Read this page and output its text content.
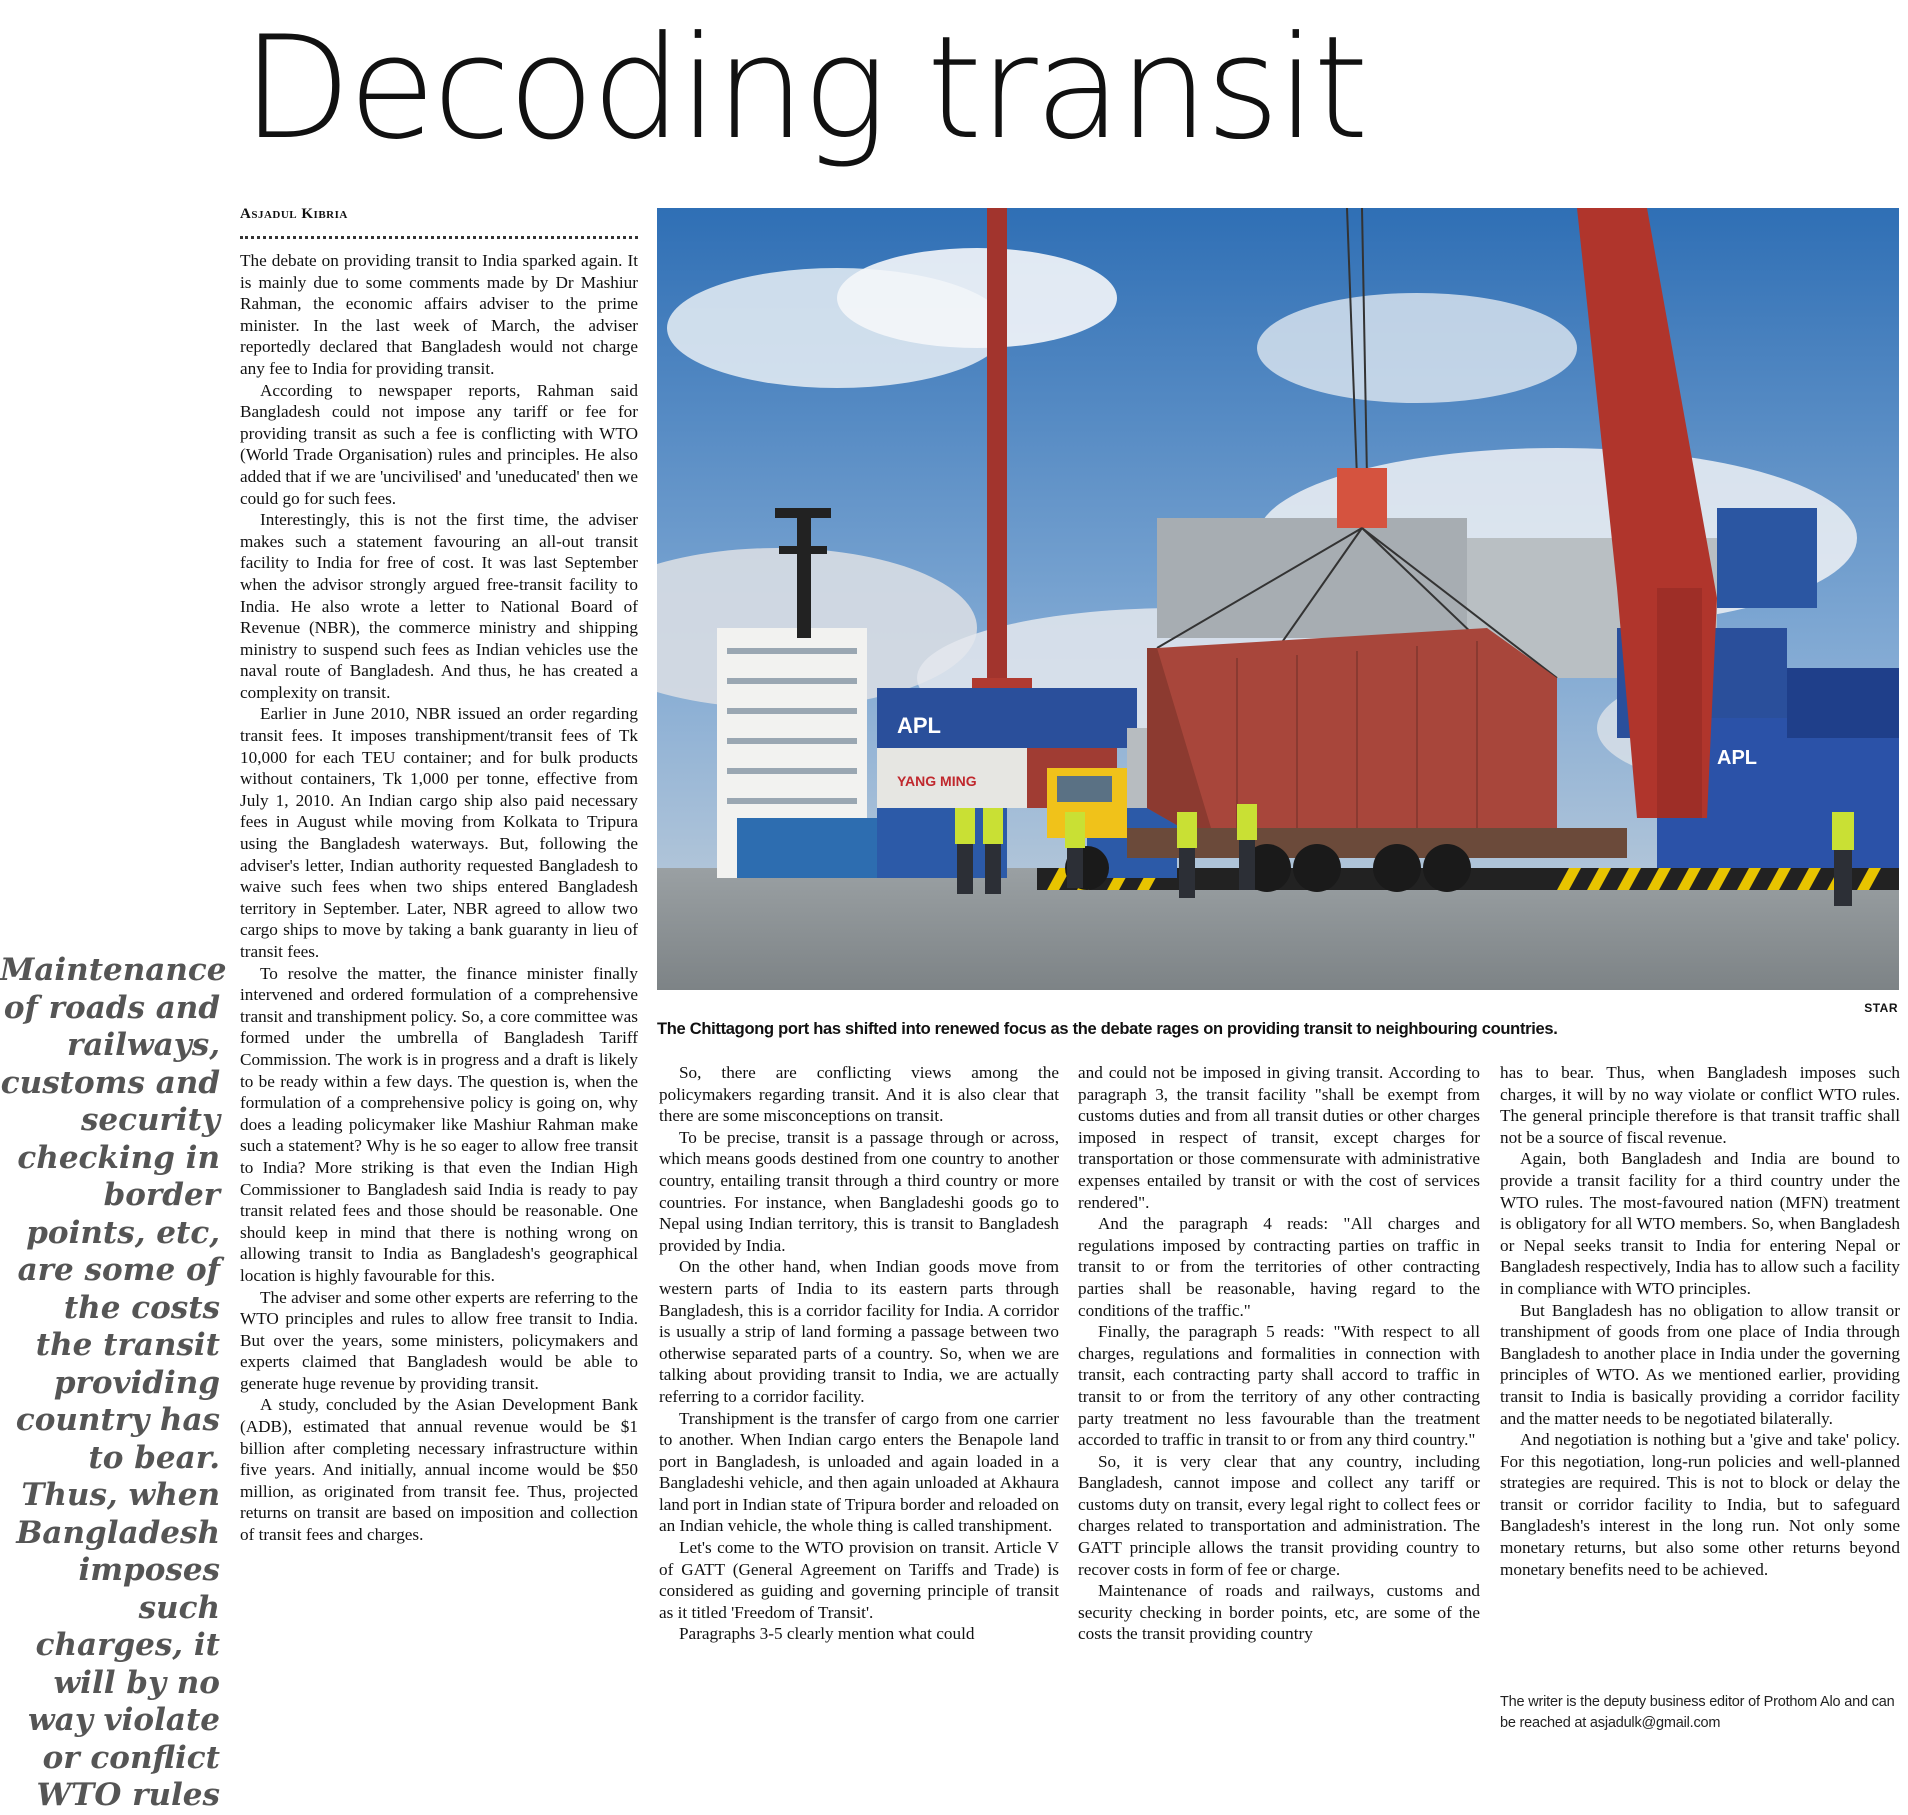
Decoding transit
Asjadul Kibria

The debate on providing transit to India sparked again. It is mainly due to some comments made by Dr Mashiur Rahman, the economic affairs adviser to the prime minister. In the last week of March, the adviser reportedly declared that Bangladesh would not charge any fee to India for providing transit.

According to newspaper reports, Rahman said Bangladesh could not impose any tariff or fee for providing transit as such a fee is conflicting with WTO (World Trade Organisation) rules and principles. He also added that if we are 'uncivilised' and 'uneducated' then we could go for such fees.

Interestingly, this is not the first time, the adviser makes such a statement favouring an all-out transit facility to India for free of cost. It was last September when the advisor strongly argued free-transit facility to India. He also wrote a letter to National Board of Revenue (NBR), the commerce ministry and shipping ministry to suspend such fees as Indian vehicles use the naval route of Bangladesh. And thus, he has created a complexity on transit.

Earlier in June 2010, NBR issued an order regarding transit fees. It imposes transhipment/transit fees of Tk 10,000 for each TEU container; and for bulk products without containers, Tk 1,000 per tonne, effective from July 1, 2010. An Indian cargo ship also paid necessary fees in August while moving from Kolkata to Tripura using the Bangladesh waterways. But, following the adviser's letter, Indian authority requested Bangladesh to waive such fees when two ships entered Bangladesh territory in September. Later, NBR agreed to allow two cargo ships to move by taking a bank guaranty in lieu of transit fees.

To resolve the matter, the finance minister finally intervened and ordered formulation of a comprehensive transit and transhipment policy. So, a core committee was formed under the umbrella of Bangladesh Tariff Commission. The work is in progress and a draft is likely to be ready within a few days. The question is, when the formulation of a comprehensive policy is going on, why does a leading policymaker like Mashiur Rahman make such a statement? Why is he so eager to allow free transit to India? More striking is that even the Indian High Commissioner to Bangladesh said India is ready to pay transit related fees and those should be reasonable. One should keep in mind that there is nothing wrong on allowing transit to India as Bangladesh's geographical location is highly favourable for this.

The adviser and some other experts are referring to the WTO principles and rules to allow free transit to India. But over the years, some ministers, policymakers and experts claimed that Bangladesh would be able to generate huge revenue by providing transit.

A study, concluded by the Asian Development Bank (ADB), estimated that annual revenue would be $1 billion after completing necessary infrastructure within five years. And initially, annual income would be $50 million, as originated from transit fee. Thus, projected returns on transit are based on imposition and collection of transit fees and charges.

Maintenance of roads and railways, customs and security checking in border points, etc, are some of the costs the transit providing country has to bear. Thus, when Bangladesh imposes such charges, it will by no way violate or conflict WTO rules
APL
YANG MING
APL
STAR
The Chittagong port has shifted into renewed focus as the debate rages on providing transit to neighbouring countries.

So, there are conflicting views among the policymakers regarding transit. And it is also clear that there are some misconceptions on transit.

To be precise, transit is a passage through or across, which means goods destined from one country to another country, entailing transit through a third country or more countries. For instance, when Bangladeshi goods go to Nepal using Indian territory, this is transit to Bangladesh provided by India.

On the other hand, when Indian goods move from western parts of India to its eastern parts through Bangladesh, this is a corridor facility for India. A corridor is usually a strip of land forming a passage between two otherwise separated parts of a country. So, when we are talking about providing transit to India, we are actually referring to a corridor facility.

Transhipment is the transfer of cargo from one carrier to another. When Indian cargo enters the Benapole land port in Bangladesh, is unloaded and again loaded in a Bangladeshi vehicle, and then again unloaded at Akhaura land port in Indian state of Tripura border and reloaded on an Indian vehicle, the whole thing is called transhipment.

Let's come to the WTO provision on transit. Article V of GATT (General Agreement on Tariffs and Trade) is considered as guiding and governing principle of transit as it titled 'Freedom of Transit'.

Paragraphs 3-5 clearly mention what could

and could not be imposed in giving transit. According to paragraph 3, the transit facility "shall be exempt from customs duties and from all transit duties or other charges imposed in respect of transit, except charges for transportation or those commensurate with administrative expenses entailed by transit or with the cost of services rendered".

And the paragraph 4 reads: "All charges and regulations imposed by contracting parties on traffic in transit to or from the territories of other contracting parties shall be reasonable, having regard to the conditions of the traffic."

Finally, the paragraph 5 reads: "With respect to all charges, regulations and formalities in connection with transit, each contracting party shall accord to traffic in transit to or from the territory of any other contracting party treatment no less favourable than the treatment accorded to traffic in transit to or from any third country."

So, it is very clear that any country, including Bangladesh, cannot impose and collect any tariff or customs duty on transit, every legal right to collect fees or charges related to transportation and administration. The GATT principle allows the transit providing country to recover costs in form of fee or charge.

Maintenance of roads and railways, customs and security checking in border points, etc, are some of the costs the transit providing country

has to bear. Thus, when Bangladesh imposes such charges, it will by no way violate or conflict WTO rules. The general principle therefore is that transit traffic shall not be a source of fiscal revenue.

Again, both Bangladesh and India are bound to provide a transit facility for a third country under the WTO rules. The most-favoured nation (MFN) treatment is obligatory for all WTO members. So, when Bangladesh or Nepal seeks transit to India for entering Nepal or Bangladesh respectively, India has to allow such a facility in compliance with WTO principles.

But Bangladesh has no obligation to allow transit or transhipment of goods from one place of India through Bangladesh to another place in India under the governing principles of WTO. As we mentioned earlier, providing transit to India is basically providing a corridor facility and the matter needs to be negotiated bilaterally.

And negotiation is nothing but a 'give and take' policy. For this negotiation, long-run policies and well-planned strategies are required. This is not to block or delay the transit or corridor facility to India, but to safeguard Bangladesh's interest in the long run. Not only some monetary returns, but also some other returns beyond monetary benefits need to be achieved.

The writer is the deputy business editor of Prothom Alo and can be reached at asjadulk@gmail.com
